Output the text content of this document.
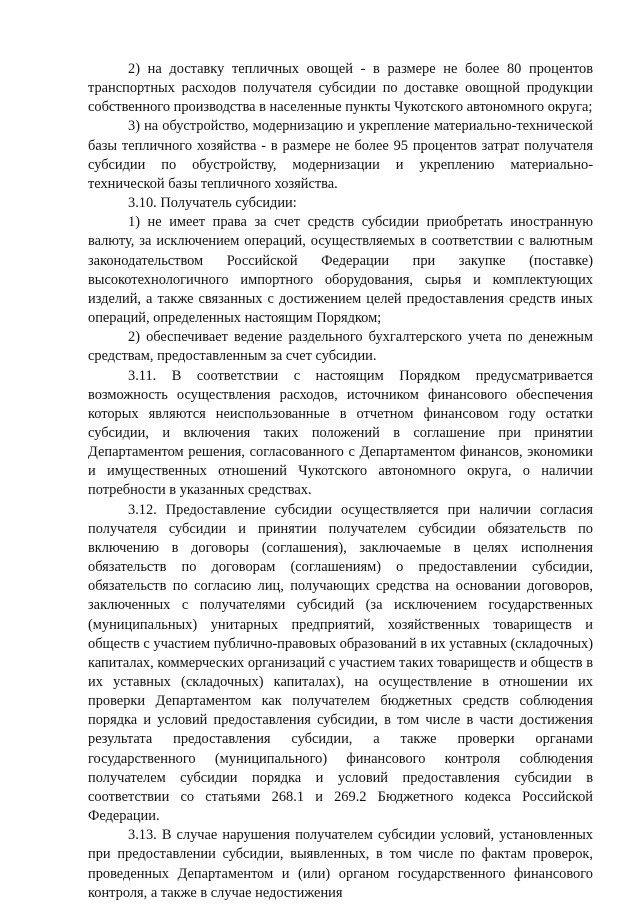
2) на доставку тепличных овощей - в размере не более 80 процентов транспортных расходов получателя субсидии по доставке овощной продукции собственного производства в населенные пункты Чукотского автономного округа;

3) на обустройство, модернизацию и укрепление материально-технической базы тепличного хозяйства - в размере не более 95 процентов затрат получателя субсидии по обустройству, модернизации и укреплению материально-технической базы тепличного хозяйства.

3.10. Получатель субсидии:

1) не имеет права за счет средств субсидии приобретать иностранную валюту, за исключением операций, осуществляемых в соответствии с валютным законодательством Российской Федерации при закупке (поставке) высокотехнологичного импортного оборудования, сырья и комплектующих изделий, а также связанных с достижением целей предоставления средств иных операций, определенных настоящим Порядком;

2) обеспечивает ведение раздельного бухгалтерского учета по денежным средствам, предоставленным за счет субсидии.

3.11. В соответствии с настоящим Порядком предусматривается возможность осуществления расходов, источником финансового обеспечения которых являются неиспользованные в отчетном финансовом году остатки субсидии, и включения таких положений в соглашение при принятии Департаментом решения, согласованного с Департаментом финансов, экономики и имущественных отношений Чукотского автономного округа, о наличии потребности в указанных средствах.

3.12. Предоставление субсидии осуществляется при наличии согласия получателя субсидии и принятии получателем субсидии обязательств по включению в договоры (соглашения), заключаемые в целях исполнения обязательств по договорам (соглашениям) о предоставлении субсидии, обязательств по согласию лиц, получающих средства на основании договоров, заключенных с получателями субсидий (за исключением государственных (муниципальных) унитарных предприятий, хозяйственных товариществ и обществ с участием публично-правовых образований в их уставных (складочных) капиталах, коммерческих организаций с участием таких товариществ и обществ в их уставных (складочных) капиталах), на осуществление в отношении их проверки Департаментом как получателем бюджетных средств соблюдения порядка и условий предоставления субсидии, в том числе в части достижения результата предоставления субсидии, а также проверки органами государственного (муниципального) финансового контроля соблюдения получателем субсидии порядка и условий предоставления субсидии в соответствии со статьями 268.1 и 269.2 Бюджетного кодекса Российской Федерации.

3.13. В случае нарушения получателем субсидии условий, установленных при предоставлении субсидии, выявленных, в том числе по фактам проверок, проведенных Департаментом и (или) органом государственного финансового контроля, а также в случае недостижения
